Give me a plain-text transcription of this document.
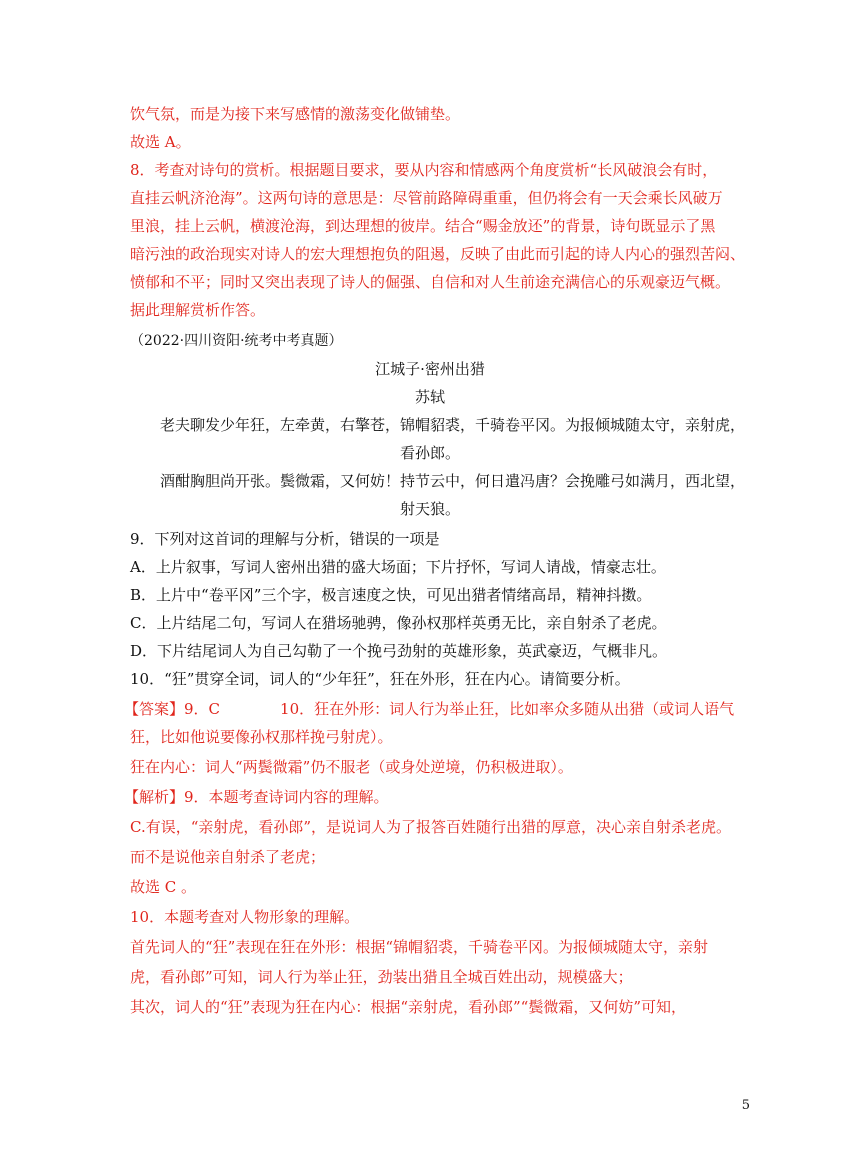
饮气氛，而是为接下来写感情的激荡变化做铺垫。
故选 A。
8．考查对诗句的赏析。根据题目要求，要从内容和情感两个角度赏析“长风破浪会有时，
直挂云帆济沧海”。这两句诗的意思是：尽管前路障碍重重，但仍将会有一天会乘长风破万
里浪，挂上云帆，横渡沧海，到达理想的彼岸。结合“赐金放还”的背景，诗句既显示了黑
暗污浊的政治现实对诗人的宏大理想抱负的阻遏，反映了由此而引起的诗人内心的强烈苦闷、
愤郁和不平；同时又突出表现了诗人的倔强、自信和对人生前途充满信心的乐观豪迈气概。
据此理解赏析作答。
（2022·四川资阳·统考中考真题）
江城子·密州出猎
苏轼
老夫聊发少年狂，左牵黄，右擎苍，锦帽貂裘，千骑卷平冈。为报倾城随太守，亲射虎，
看孙郎。
酒酣胸胆尚开张。鬓微霜，又何妨！持节云中，何日遣冯唐？会挽雕弓如满月，西北望，
射天狼。
9．下列对这首词的理解与分析，错误的一项是
A．上片叙事，写词人密州出猎的盛大场面；下片抒怀，写词人请战，情豪志壮。
B．上片中“卷平冈”三个字，极言速度之快，可见出猎者情绪高昂，精神抖擞。
C．上片结尾二句，写词人在猎场驰骋，像孙权那样英勇无比，亲自射杀了老虎。
D．下片结尾词人为自己勾勒了一个挽弓劲射的英雄形象，英武豪迈，气概非凡。
10．“狂”贯穿全词，词人的“少年狂”，狂在外形，狂在内心。请简要分析。
【答案】9．C　　　　10．狂在外形：词人行为举止狂，比如率众多随从出猎（或词人语气
狂，比如他说要像孙权那样挽弓射虎）。
狂在内心：词人“两鬓微霜”仍不服老（或身处逆境，仍积极进取）。
【解析】9．本题考查诗词内容的理解。
C.有误，“亲射虎，看孙郎”，是说词人为了报答百姓随行出猎的厚意，决心亲自射杀老虎。
而不是说他亲自射杀了老虎；
故选 C 。
10．本题考查对人物形象的理解。
首先词人的“狂”表现在狂在外形：根据“锦帽貂裘，千骑卷平冈。为报倾城随太守，亲射
虎，看孙郎”可知，词人行为举止狂，劲装出猎且全城百姓出动，规模盛大；
其次，词人的“狂”表现为狂在内心：根据“亲射虎，看孙郎”“鬓微霜，又何妨”可知，
5
